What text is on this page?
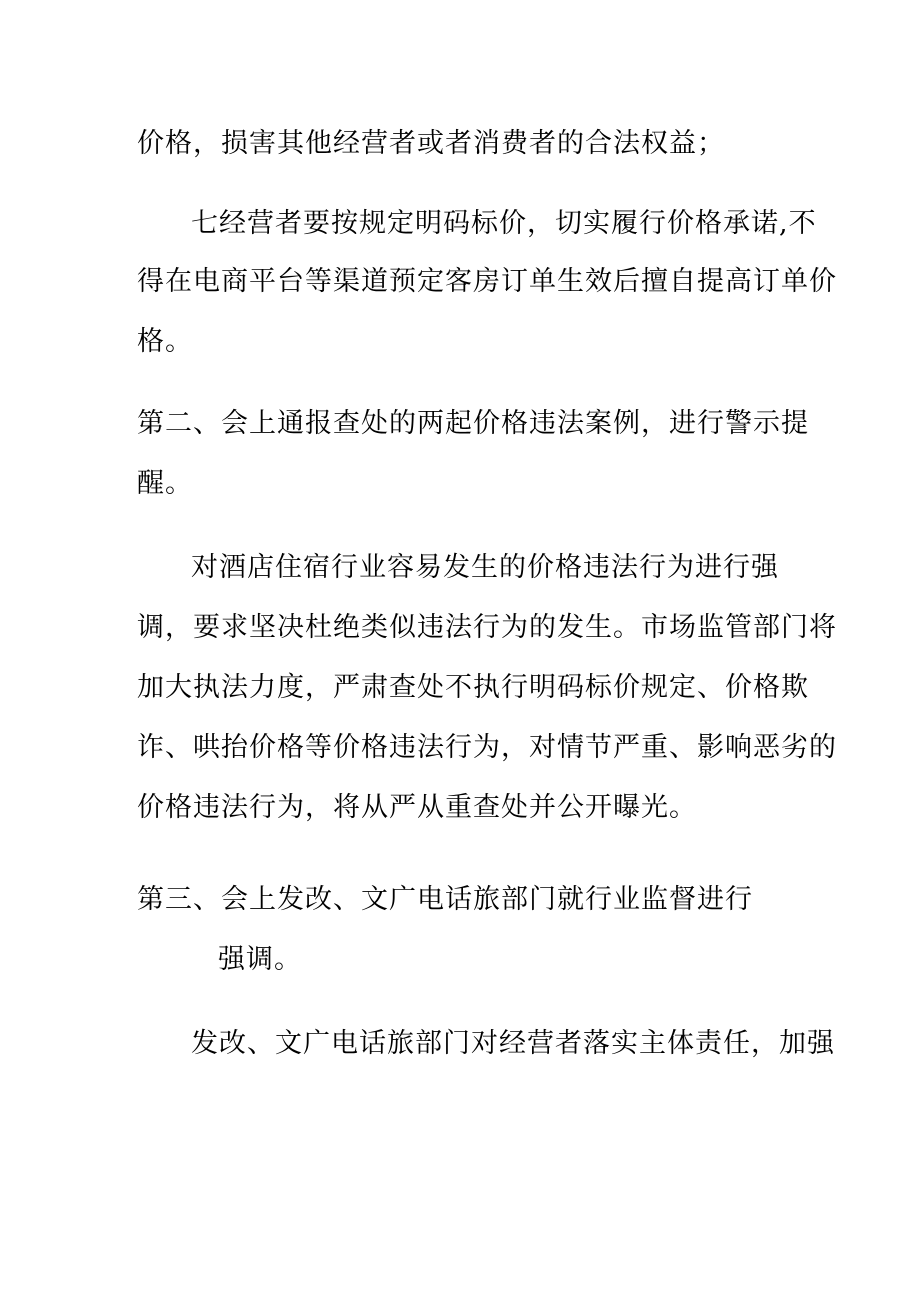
价格，损害其他经营者或者消费者的合法权益；
七经营者要按规定明码标价，切实履行价格承诺,不
得在电商平台等渠道预定客房订单生效后擅自提高订单价
格。
第二、会上通报查处的两起价格违法案例，进行警示提
醒。
对酒店住宿行业容易发生的价格违法行为进行强
调，要求坚决杜绝类似违法行为的发生。市场监管部门将
加大执法力度，严肃查处不执行明码标价规定、价格欺
诈、哄抬价格等价格违法行为，对情节严重、影响恶劣的
价格违法行为，将从严从重查处并公开曝光。
第三、会上发改、文广电话旅部门就行业监督进行
强调。
发改、文广电话旅部门对经营者落实主体责任，加强
